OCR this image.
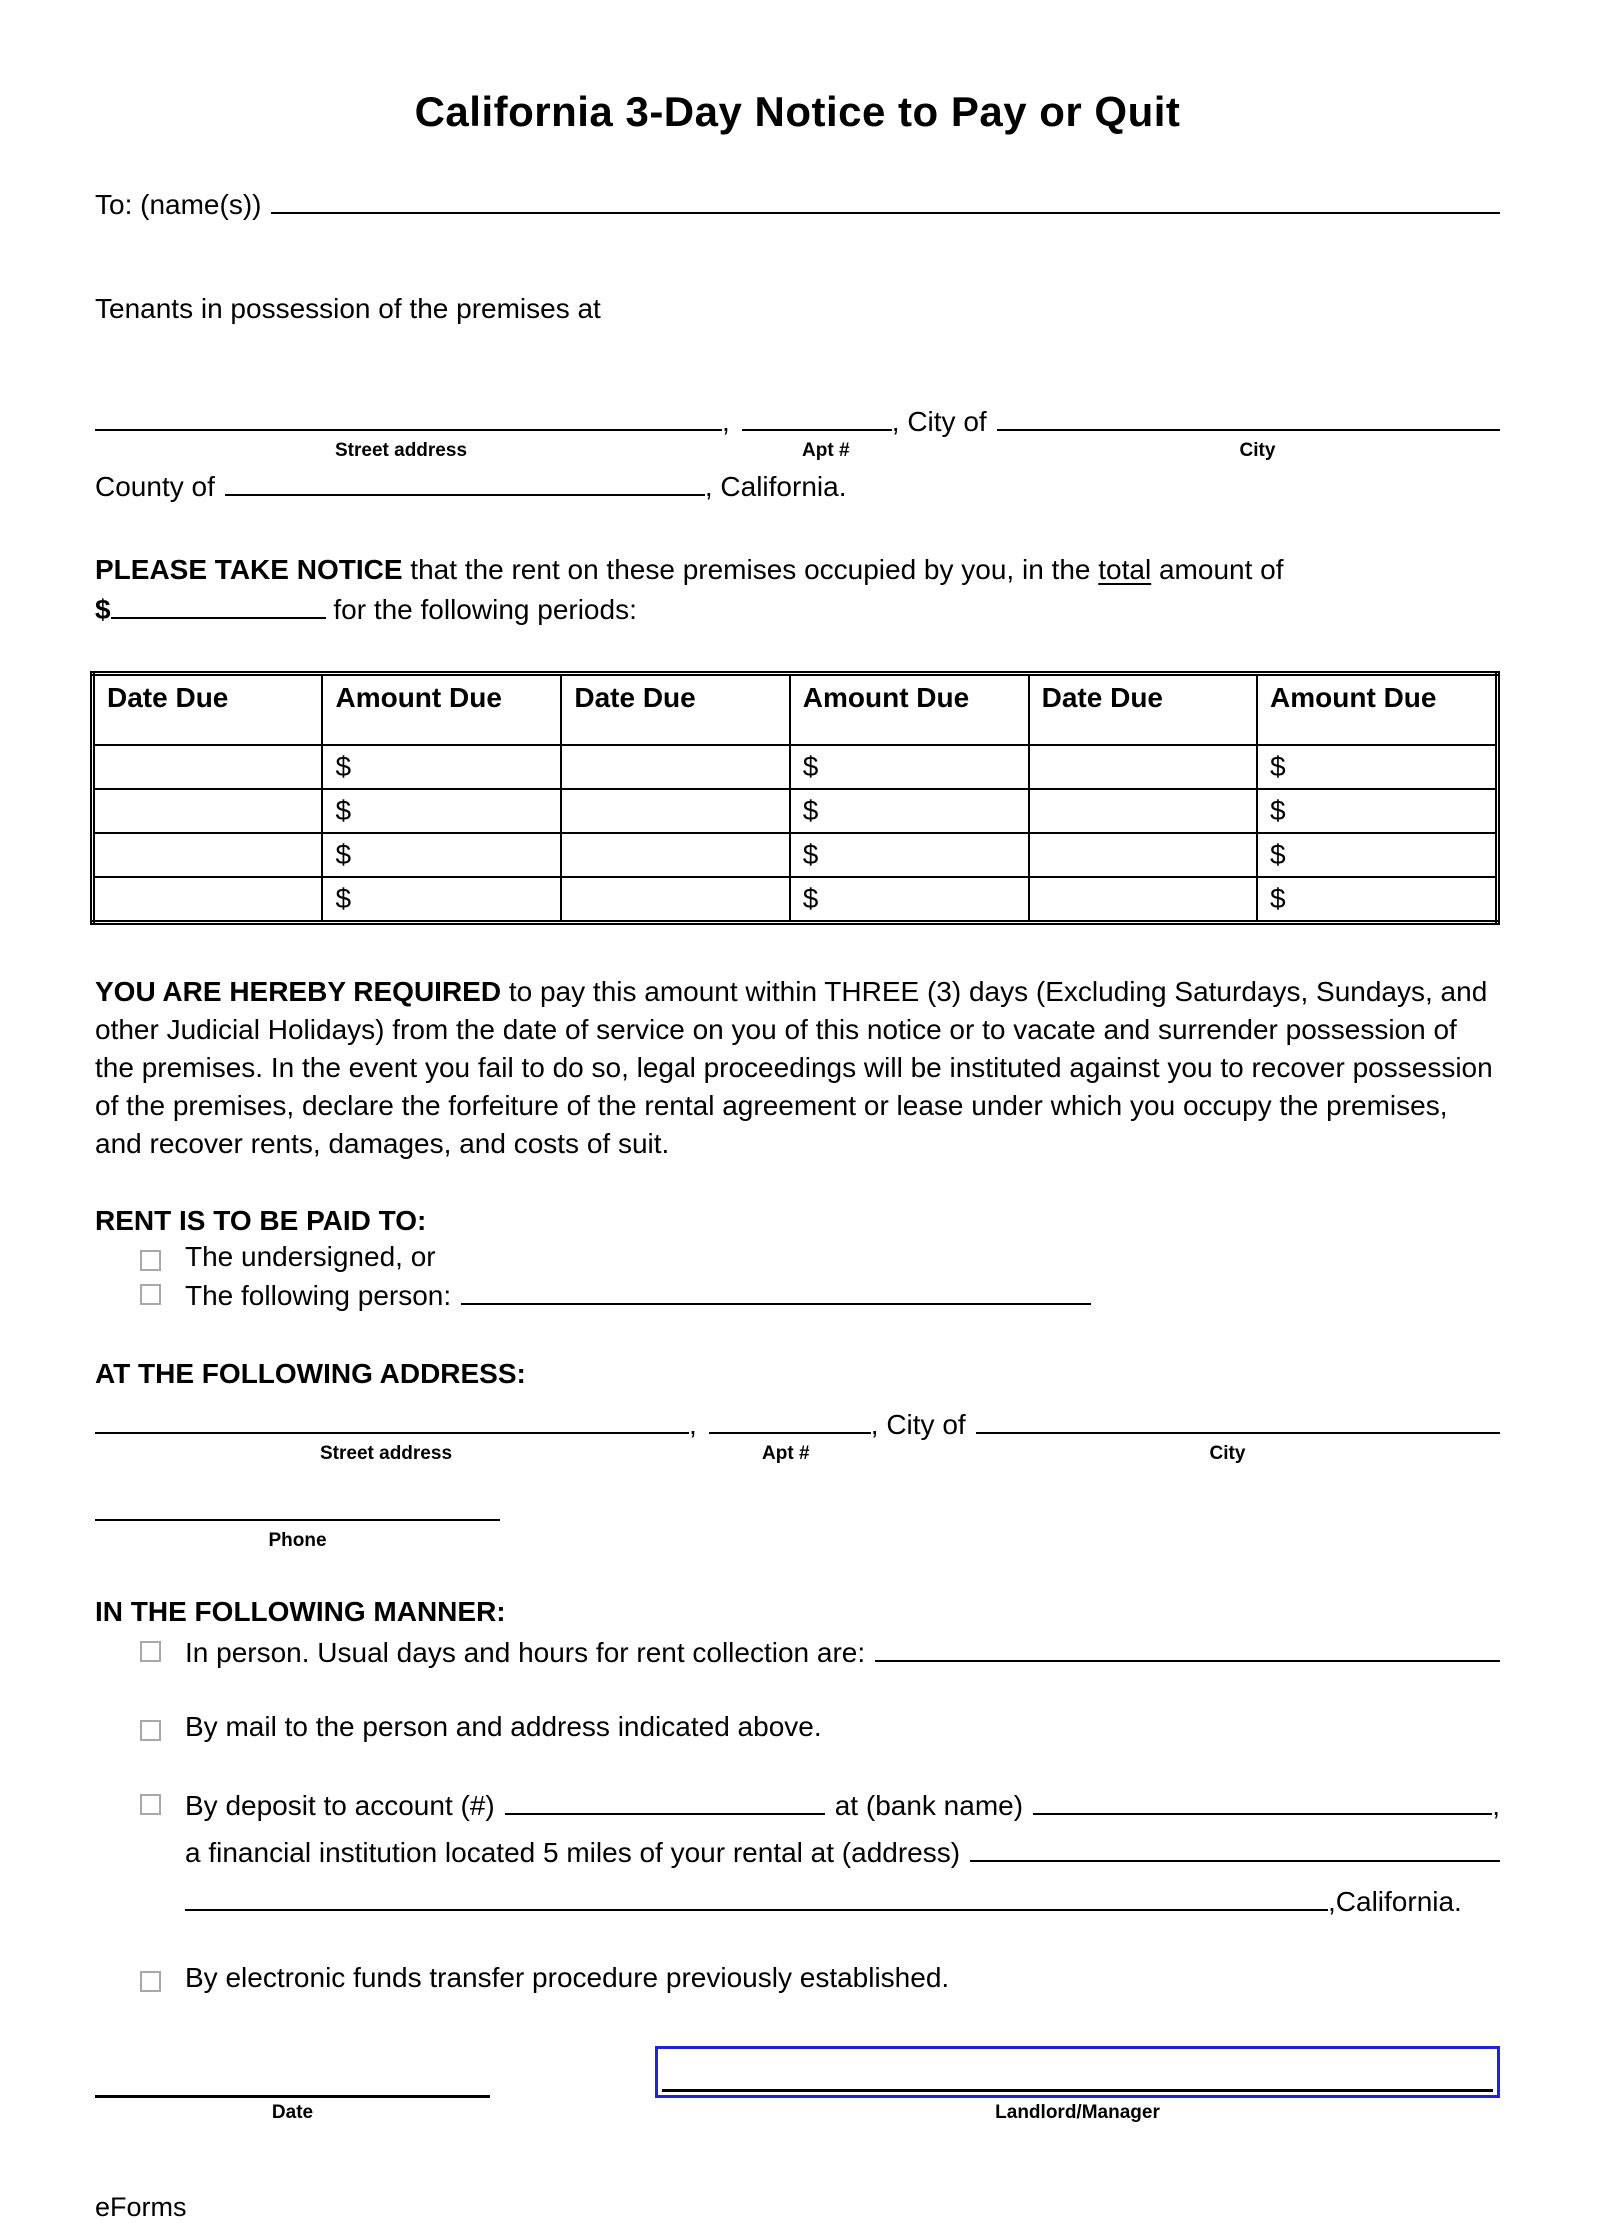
California 3-Day Notice to Pay or Quit
To: (name(s))
Tenants in possession of the premises at
,	, City of
Street address	Apt #	City
County of	, California.
PLEASE TAKE NOTICE that the rent on these premises occupied by you, in the total amount of
$	for the following periods:
Date Due	Amount Due	Date Due	Amount Due	Date Due	Amount Due
	$		$		$
	$		$		$
	$		$		$
	$		$		$
YOU ARE HEREBY REQUIRED to pay this amount within THREE (3) days (Excluding Saturdays, Sundays, and other Judicial Holidays) from the date of service on you of this notice or to vacate and surrender possession of the premises. In the event you fail to do so, legal proceedings will be instituted against you to recover possession of the premises, declare the forfeiture of the rental agreement or lease under which you occupy the premises, and recover rents, damages, and costs of suit.
RENT IS TO BE PAID TO:
The undersigned, or
The following person:
AT THE FOLLOWING ADDRESS:
,	, City of
Street address	Apt #	City
Phone
IN THE FOLLOWING MANNER:
In person. Usual days and hours for rent collection are:
By mail to the person and address indicated above.
By deposit to account (#)	at (bank name)	,
a financial institution located 5 miles of your rental at (address)
,California.
By electronic funds transfer procedure previously established.
Date	Landlord/Manager
eForms
